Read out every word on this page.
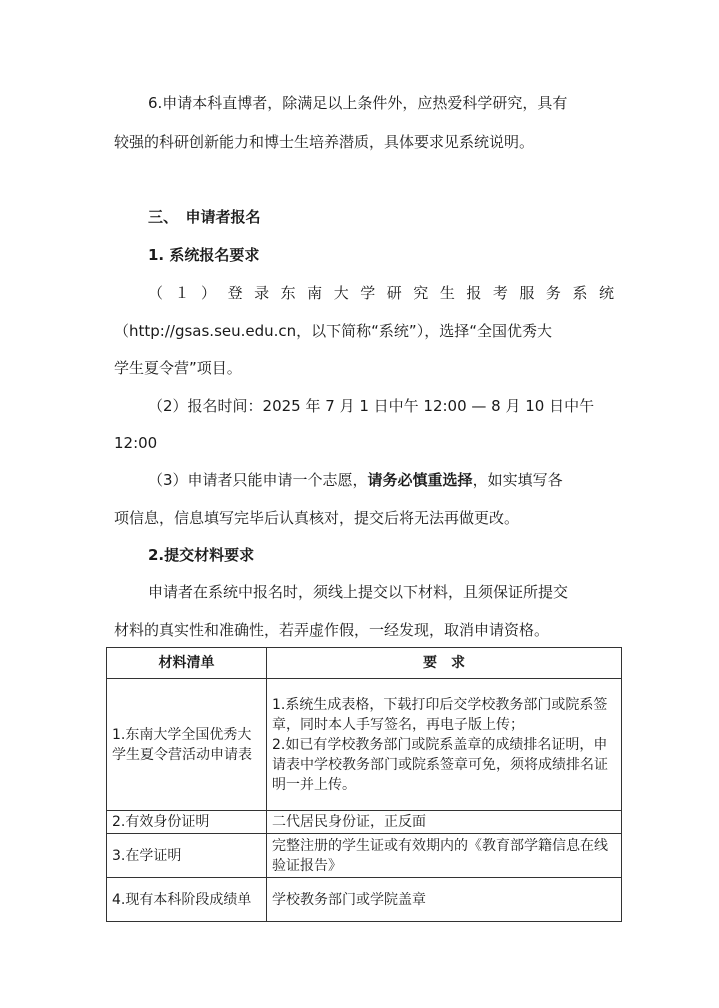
6.申请本科直博者，除满足以上条件外，应热爱科学研究，具有
较强的科研创新能力和博士生培养潜质，具体要求见系统说明。
三、　申请者报名
1. 系统报名要求
（１）登录东南大学研究生报考服务系统
（http://gsas.seu.edu.cn，以下简称“系统”），选择“全国优秀大
学生夏令营”项目。
（2）报名时间：2025 年 7 月 1 日中午 12:00 — 8 月 10 日中午
12:00
（3）申请者只能申请一个志愿，请务必慎重选择，如实填写各
项信息，信息填写完毕后认真核对，提交后将无法再做更改。
2.提交材料要求
申请者在系统中报名时，须线上提交以下材料，且须保证所提交
材料的真实性和准确性，若弄虚作假，一经发现，取消申请资格。
材料清单	要　求
1.东南大学全国优秀大学生夏令营活动申请表	1.系统生成表格，下载打印后交学校教务部门或院系签章，同时本人手写签名，再电子版上传；
2.如已有学校教务部门或院系盖章的成绩排名证明，申请表中学校教务部门或院系签章可免，须将成绩排名证明一并上传。

2.有效身份证明	二代居民身份证，正反面
3.在学证明	完整注册的学生证或有效期内的《教育部学籍信息在线验证报告》
4.现有本科阶段成绩单	学校教务部门或学院盖章
